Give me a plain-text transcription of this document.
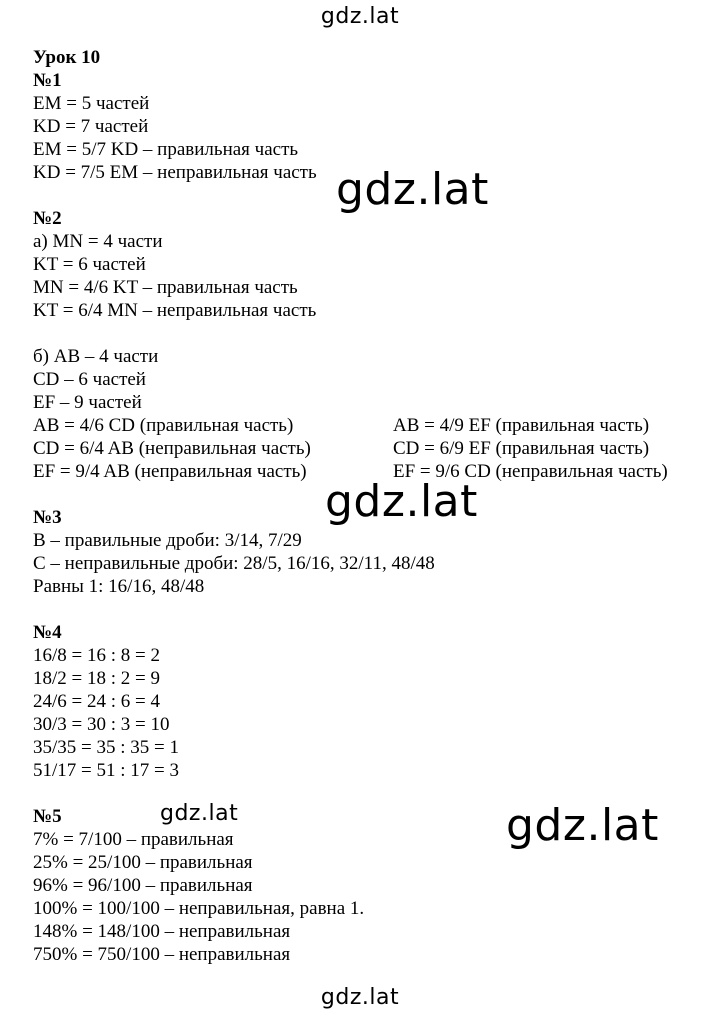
gdz.lat
Урок 10
№1
EM = 5 частей
KD = 7 частей
EM = 5/7 KD – правильная часть
KD = 7/5 EM – неправильная часть
№2
а) MN = 4 части
KT = 6 частей
MN = 4/6 KT – правильная часть
KT = 6/4 MN – неправильная часть
б) AB – 4 части
CD – 6 частей
EF – 9 частей
AB = 4/6 CD (правильная часть)	AB = 4/9 EF (правильная часть)
CD = 6/4 AB (неправильная часть)	CD = 6/9 EF (правильная часть)
EF = 9/4 AB (неправильная часть)	EF = 9/6 CD (неправильная часть)
№3
В – правильные дроби: 3/14, 7/29
С – неправильные дроби: 28/5, 16/16, 32/11, 48/48
Равны 1: 16/16, 48/48
№4
16/8 = 16 : 8 = 2
18/2 = 18 : 2 = 9
24/6 = 24 : 6 = 4
30/3 = 30 : 3 = 10
35/35 = 35 : 35 = 1
51/17 = 51 : 17 = 3
№5
7% = 7/100 – правильная
25% = 25/100 – правильная
96% = 96/100 – правильная
100% = 100/100 – неправильная, равна 1.
148% = 148/100 – неправильная
750% = 750/100 – неправильная
gdz.lat
gdz.lat
gdz.lat
gdz.lat
gdz.lat
